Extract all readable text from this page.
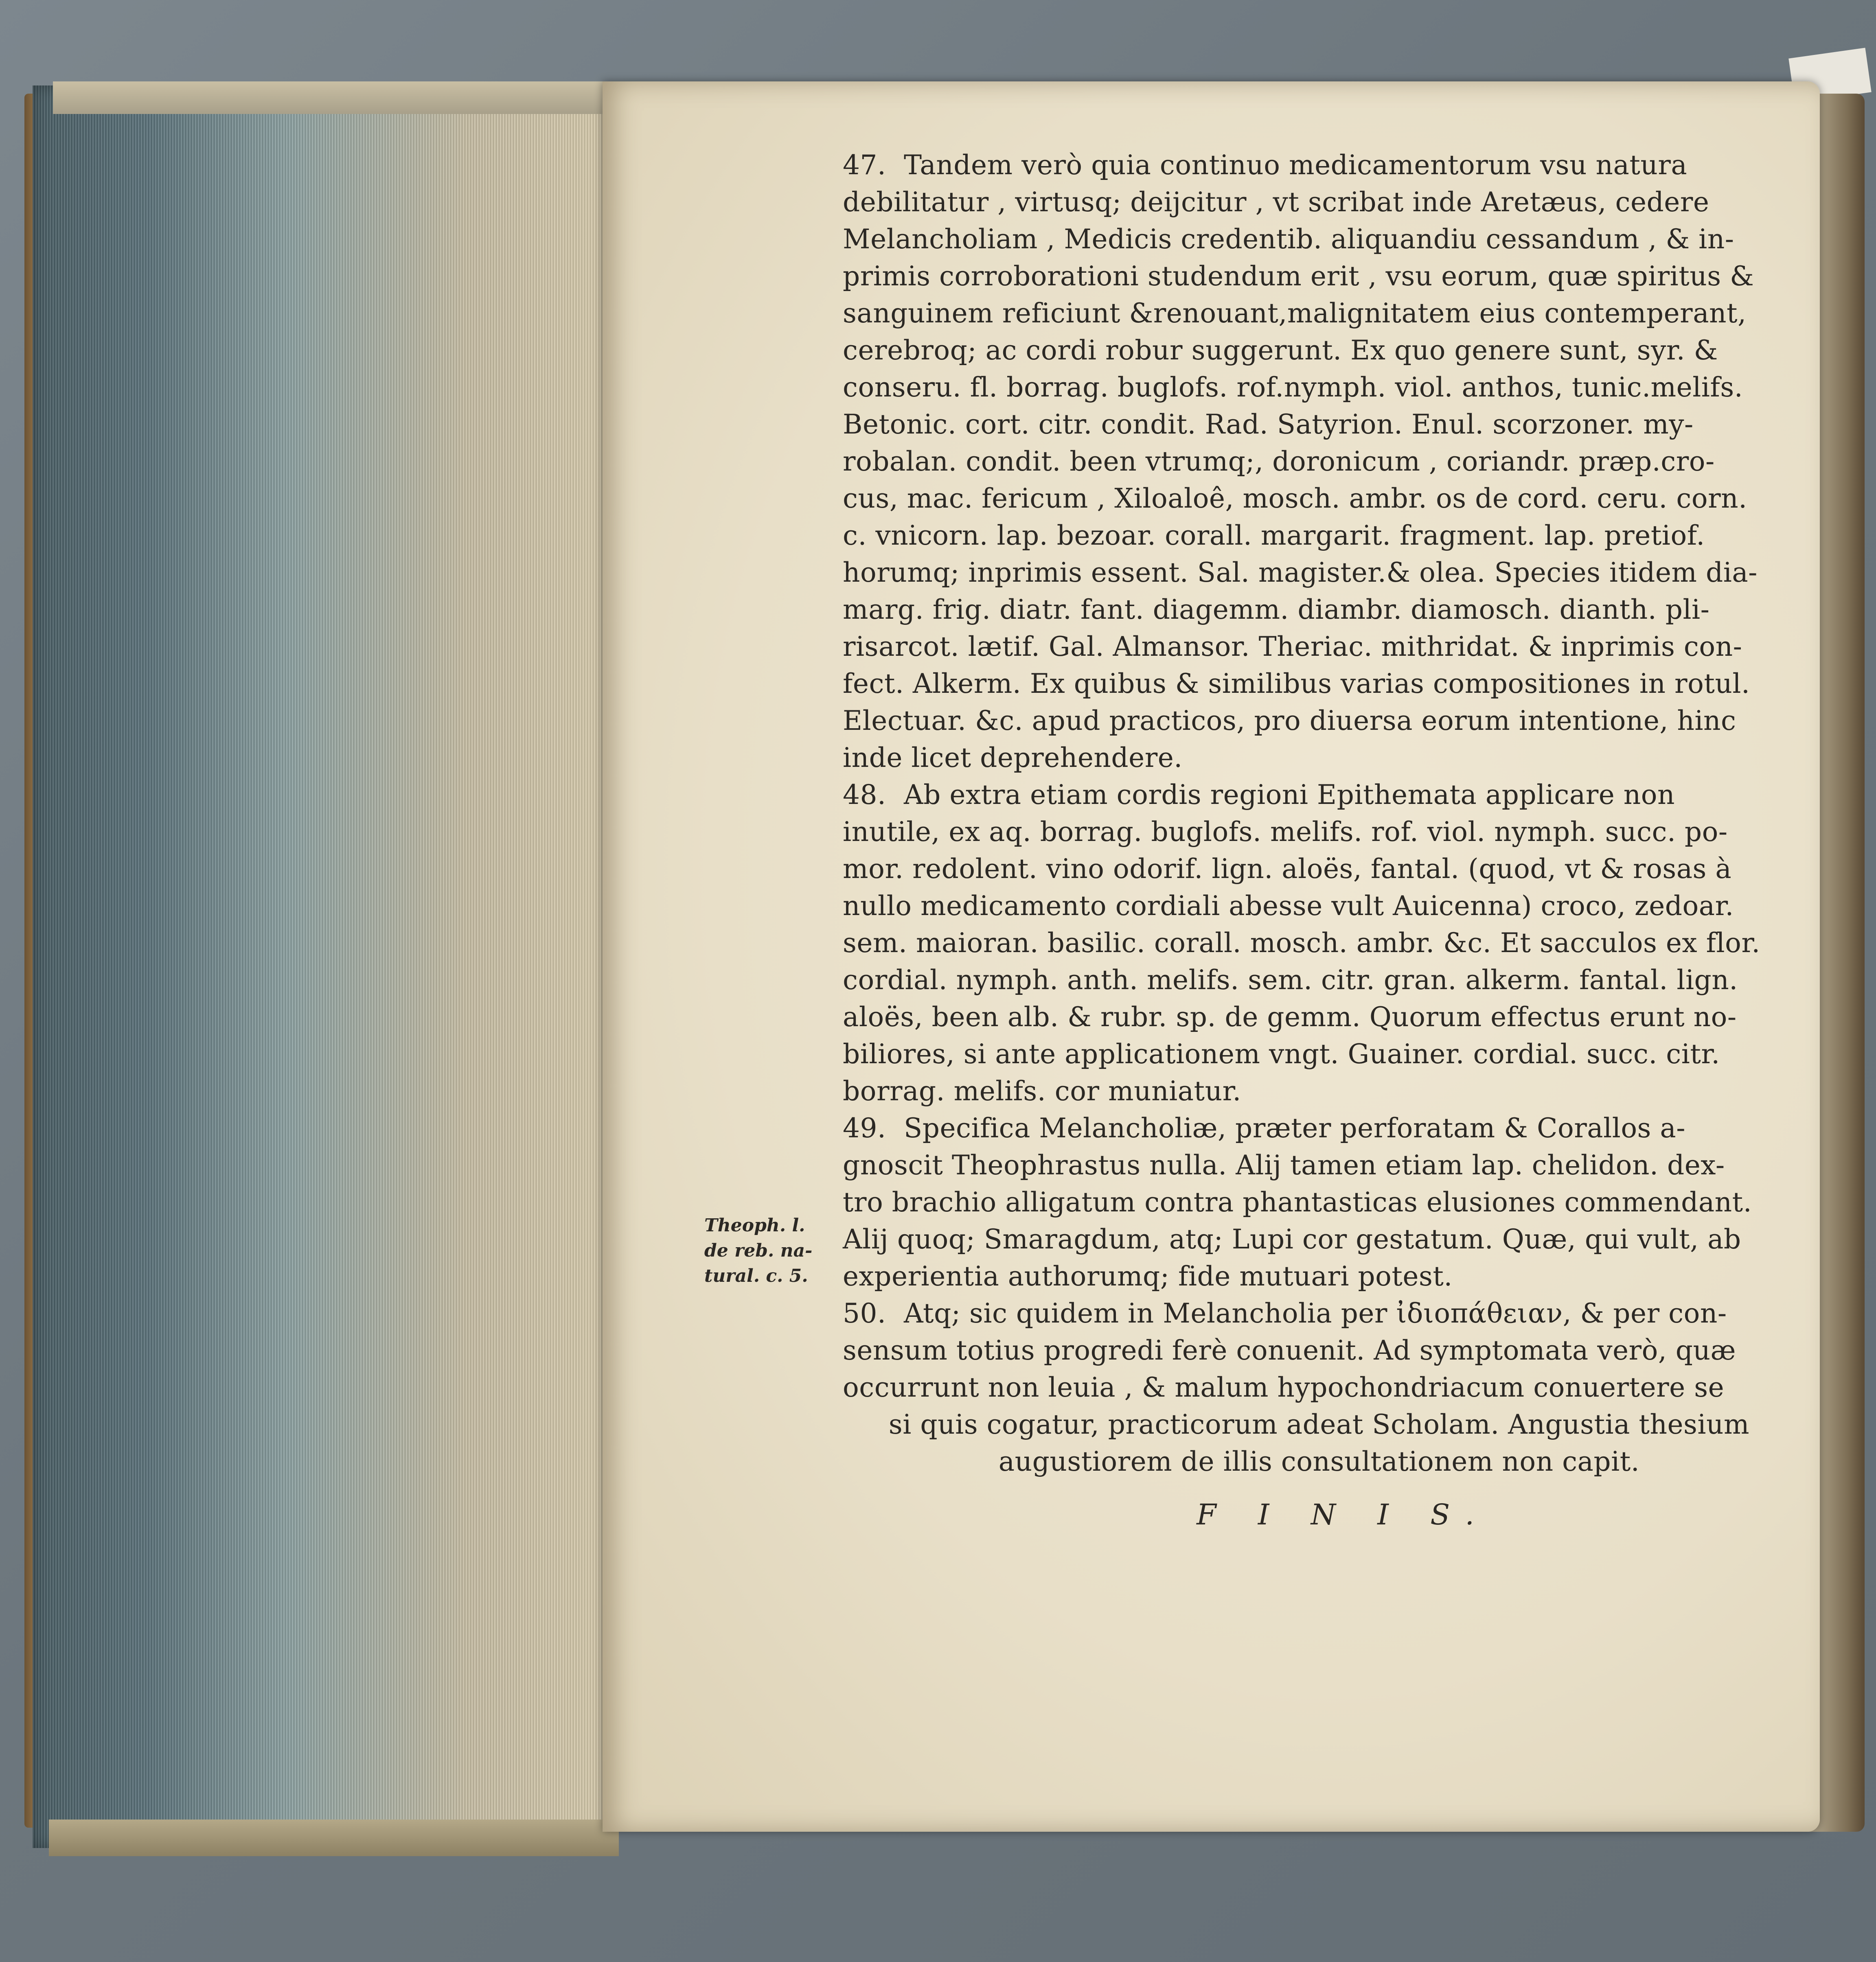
Theoph. l.
de reb. na-
tural. c. 5.
47. Tandem verò quia continuo medicamentorum vsu natura
debilitatur , virtusq; deijcitur , vt scribat inde Aretæus, cedere
Melancholiam , Medicis credentib. aliquandiu cessandum , & in-
primis corroborationi studendum erit , vsu eorum, quæ spiritus &
sanguinem reficiunt &renouant,malignitatem eius contemperant,
cerebroq; ac cordi robur suggerunt. Ex quo genere sunt, syr. &
conseru. fl. borrag. buglofs. rof.nymph. viol. anthos, tunic.melifs.
Betonic. cort. citr. condit. Rad. Satyrion. Enul. scorzoner. my-
robalan. condit. been vtrumq;, doronicum , coriandr. præp.cro-
cus, mac. fericum , Xiloaloê, mosch. ambr. os de cord. ceru. corn.
c. vnicorn. lap. bezoar. corall. margarit. fragment. lap. pretiof.
horumq; inprimis essent. Sal. magister.& olea. Species itidem dia-
marg. frig. diatr. fant. diagemm. diambr. diamosch. dianth. pli-
risarcot. lætif. Gal. Almansor. Theriac. mithridat. & inprimis con-
fect. Alkerm. Ex quibus & similibus varias compositiones in rotul.
Electuar. &c. apud practicos, pro diuersa eorum intentione, hinc
inde licet deprehendere.
48. Ab extra etiam cordis regioni Epithemata applicare non
inutile, ex aq. borrag. buglofs. melifs. rof. viol. nymph. succ. po-
mor. redolent. vino odorif. lign. aloës, fantal. (quod, vt & rosas à
nullo medicamento cordiali abesse vult Auicenna) croco, zedoar.
sem. maioran. basilic. corall. mosch. ambr. &c. Et sacculos ex flor.
cordial. nymph. anth. melifs. sem. citr. gran. alkerm. fantal. lign.
aloës, been alb. & rubr. sp. de gemm. Quorum effectus erunt no-
biliores, si ante applicationem vngt. Guainer. cordial. succ. citr.
borrag. melifs. cor muniatur.
49. Specifica Melancholiæ, præter perforatam & Corallos a-
gnoscit Theophrastus nulla. Alij tamen etiam lap. chelidon. dex-
tro brachio alligatum contra phantasticas elusiones commendant.
Alij quoq; Smaragdum, atq; Lupi cor gestatum. Quæ, qui vult, ab
experientia authorumq; fide mutuari potest.
50. Atq; sic quidem in Melancholia per ἰδιοπάθειαν, & per con-
sensum totius progredi ferè conuenit. Ad symptomata verò, quæ
occurrunt non leuia , & malum hypochondriacum conuertere se
si quis cogatur, practicorum adeat Scholam. Angustia thesium
augustiorem de illis consultationem non capit.
F I N I S.
